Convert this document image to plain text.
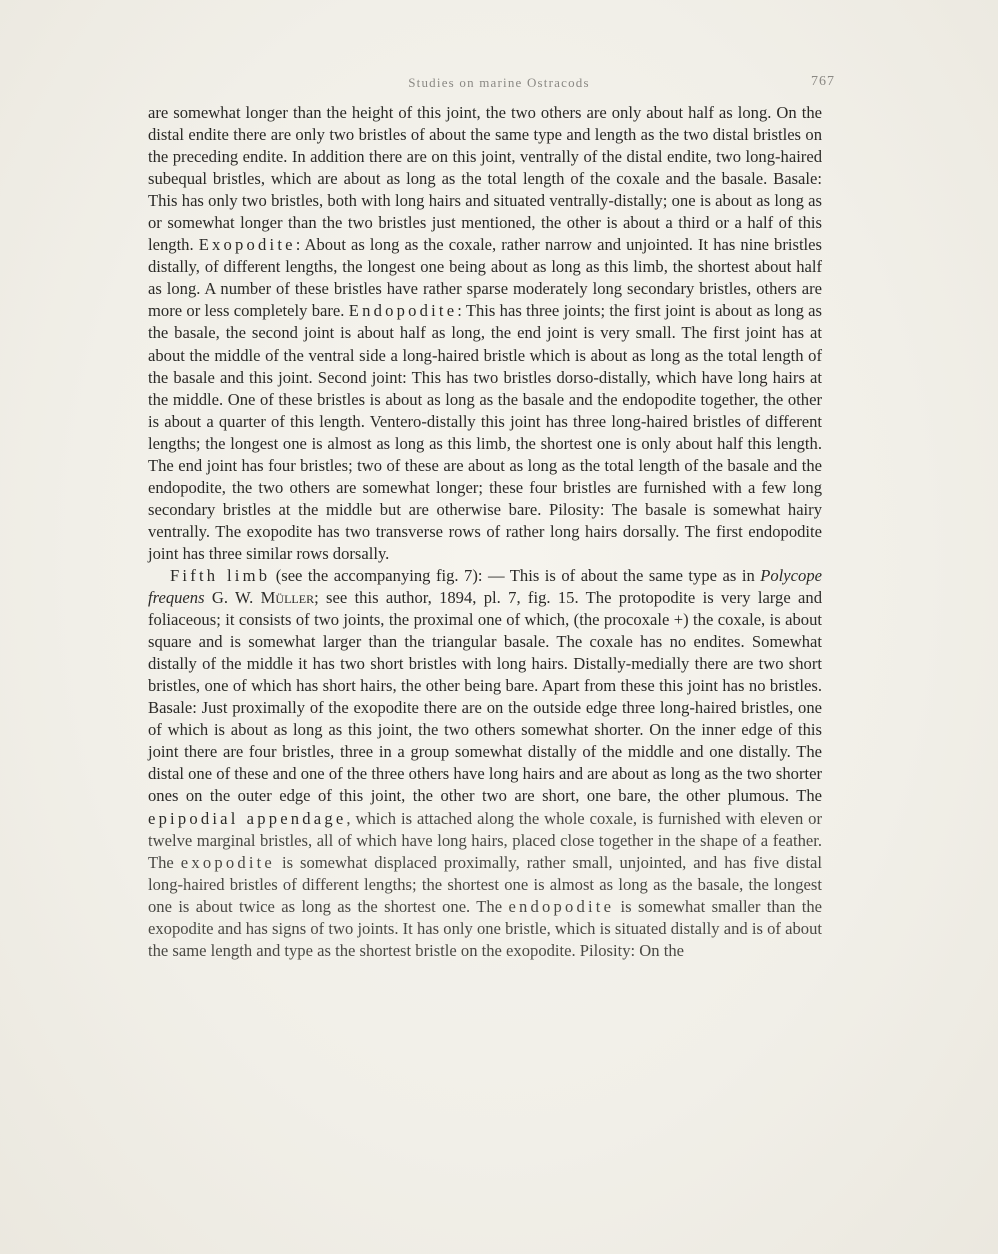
Studies on marine Ostracods	767

are somewhat longer than the height of this joint, the two others are only about half as long. On the distal endite there are only two bristles of about the same type and length as the two distal bristles on the preceding endite. In addition there are on this joint, ventrally of the distal endite, two long-haired subequal bristles, which are about as long as the total length of the coxale and the basale. Basale: This has only two bristles, both with long hairs and situated ventrally-distally; one is about as long as or somewhat longer than the two bristles just mentioned, the other is about a third or a half of this length. Exopodite: About as long as the coxale, rather narrow and unjointed. It has nine bristles distally, of different lengths, the longest one being about as long as this limb, the shortest about half as long. A number of these bristles have rather sparse moderately long secondary bristles, others are more or less completely bare. Endopodite: This has three joints; the first joint is about as long as the basale, the second joint is about half as long, the end joint is very small. The first joint has at about the middle of the ventral side a long-haired bristle which is about as long as the total length of the basale and this joint. Second joint: This has two bristles dorso-distally, which have long hairs at the middle. One of these bristles is about as long as the basale and the endopodite together, the other is about a quarter of this length. Ventero-distally this joint has three long-haired bristles of different lengths; the longest one is almost as long as this limb, the shortest one is only about half this length. The end joint has four bristles; two of these are about as long as the total length of the basale and the endopodite, the two others are somewhat longer; these four bristles are furnished with a few long secondary bristles at the middle but are otherwise bare. Pilosity: The basale is somewhat hairy ventrally. The exopodite has two transverse rows of rather long hairs dorsally. The first endopodite joint has three similar rows dorsally.

Fifth limb (see the accompanying fig. 7): — This is of about the same type as in Polycope frequens G. W. Müller; see this author, 1894, pl. 7, fig. 15. The protopodite is very large and foliaceous; it consists of two joints, the proximal one of which, (the procoxale +) the coxale, is about square and is somewhat larger than the triangular basale. The coxale has no endites. Somewhat distally of the middle it has two short bristles with long hairs. Distally-medially there are two short bristles, one of which has short hairs, the other being bare. Apart from these this joint has no bristles. Basale: Just proximally of the exopodite there are on the outside edge three long-haired bristles, one of which is about as long as this joint, the two others somewhat shorter. On the inner edge of this joint there are four bristles, three in a group somewhat distally of the middle and one distally. The distal one of these and one of the three others have long hairs and are about as long as the two shorter ones on the outer edge of this joint, the other two are short, one bare, the other plumous. The epipodial appendage, which is attached along the whole coxale, is furnished with eleven or twelve marginal bristles, all of which have long hairs, placed close together in the shape of a feather. The exopodite is somewhat displaced proximally, rather small, unjointed, and has five distal long-haired bristles of different lengths; the shortest one is almost as long as the basale, the longest one is about twice as long as the shortest one. The endopodite is somewhat smaller than the exopodite and has signs of two joints. It has only one bristle, which is situated distally and is of about the same length and type as the shortest bristle on the exopodite. Pilosity: On the
